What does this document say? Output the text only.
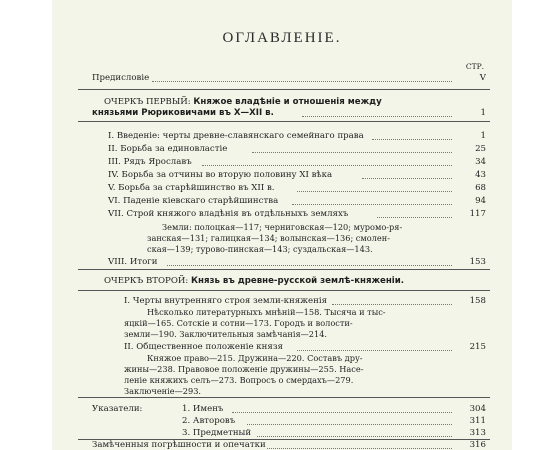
ОГЛАВЛЕНІЕ.
СТР.
Предисловіе	V
ОЧЕРКЪ ПЕРВЫЙ: Княжое владѣніе и отношенія между
князьями Рюриковичами въ X—XII в.	1
I. Введеніе: черты древне-славянскаго семейнаго права	1
II. Борьба за единовластіе	25
III. Рядъ Ярославъ	34
IV. Борьба за отчины во вторую половину XI вѣка	43
V. Борьба за старѣйшинство въ XII в.	68
VI. Паденіе кіевскаго старѣйшинства	94
VII. Строй княжого владѣнія въ отдѣльныхъ земляхъ	117
Земли: полоцкая—117; черниговская—120; муромо-ря-
занская—131; галицкая—134; волынская—136; смолен-
ская—139; турово-пинская—143; суздальская—143.
VIII. Итоги	153
ОЧЕРКЪ ВТОРОЙ: Князь въ древне-русской землѣ-княженіи.
I. Черты внутренняго строя земли-княженія	158
Нѣсколько литературныхъ мнѣній—158. Тысяча и тыс-
яцкій—165. Сотскіе и сотни—173. Городъ и волости-
земли—190. Заключительныя замѣчанія—214.
II. Общественное положеніе князя	215
Княжое право—215. Дружина—220. Составъ дру-
жины—238. Правовое положеніе дружины—255. Насе-
леніе княжихъ селъ—273. Вопросъ о смердахъ—279.
Заключеніе—293.
Указатели:	1. Именъ	304
2. Авторовъ	311
3. Предметный	313
Замѣченныя погрѣшности и опечатки	316
